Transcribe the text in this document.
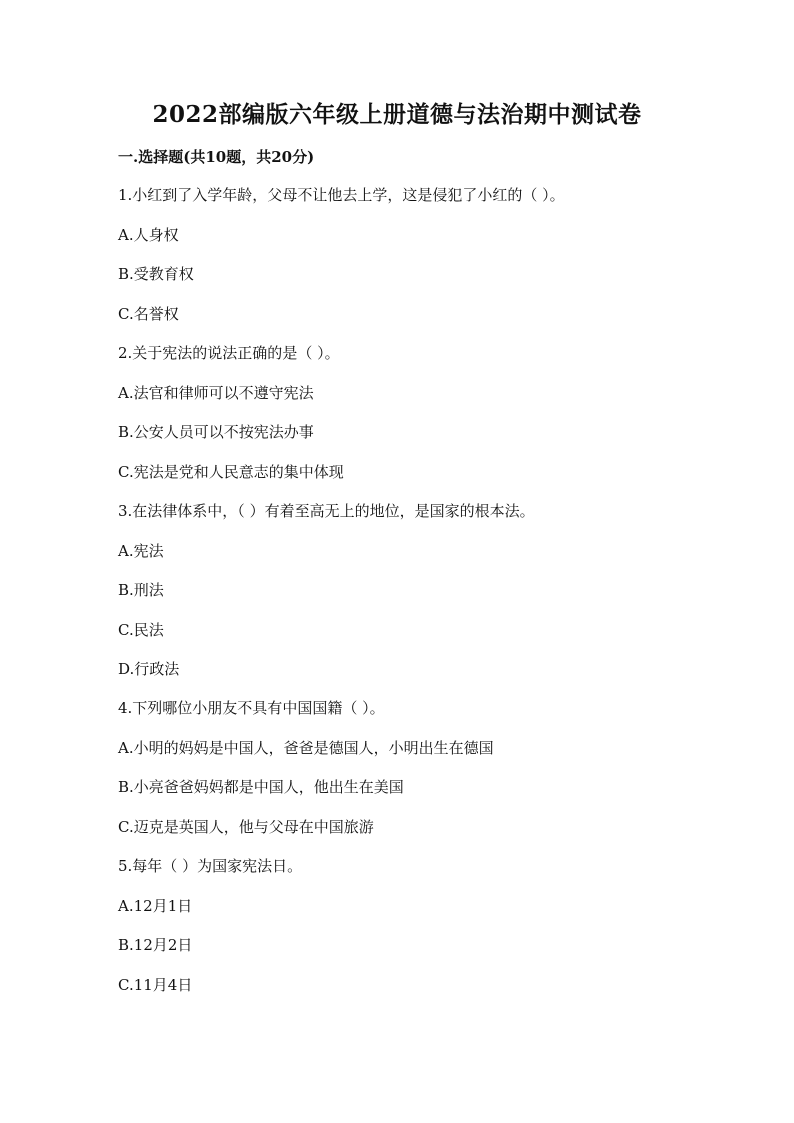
2022部编版六年级上册道德与法治期中测试卷
一.选择题(共10题，共20分)
1.小红到了入学年龄，父母不让他去上学，这是侵犯了小红的（ ）。
A.人身权
B.受教育权
C.名誉权
2.关于宪法的说法正确的是（ ）。
A.法官和律师可以不遵守宪法
B.公安人员可以不按宪法办事
C.宪法是党和人民意志的集中体现
3.在法律体系中，（ ）有着至高无上的地位，是国家的根本法。
A.宪法
B.刑法
C.民法
D.行政法
4.下列哪位小朋友不具有中国国籍（ ）。
A.小明的妈妈是中国人，爸爸是德国人，小明出生在德国
B.小亮爸爸妈妈都是中国人，他出生在美国
C.迈克是英国人，他与父母在中国旅游
5.每年（ ）为国家宪法日。
A.12月1日
B.12月2日
C.11月4日
